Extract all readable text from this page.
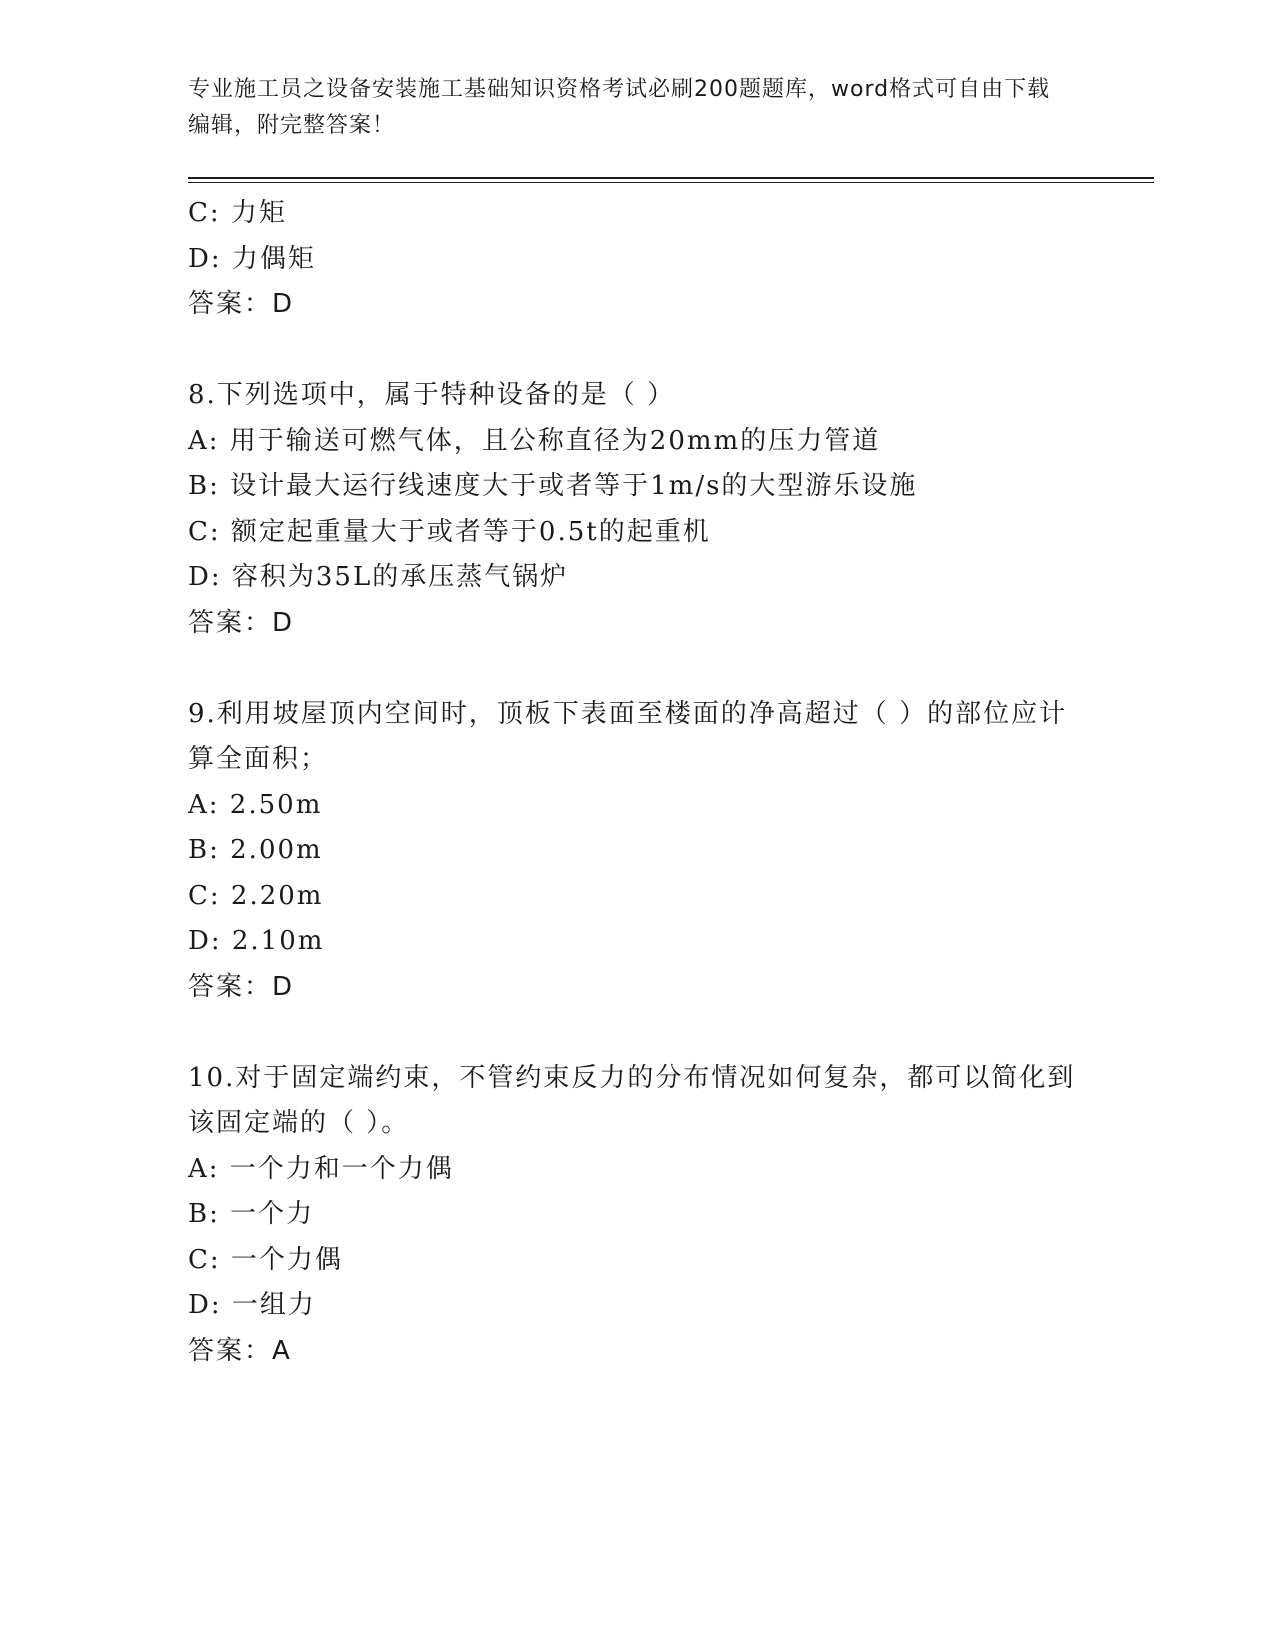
专业施工员之设备安装施工基础知识资格考试必刷200题题库，word格式可自由下载编辑，附完整答案！

C: 力矩

D: 力偶矩

答案：D

8.下列选项中，属于特种设备的是（ ）

A: 用于输送可燃气体，且公称直径为20mm的压力管道

B: 设计最大运行线速度大于或者等于1m/s的大型游乐设施

C: 额定起重量大于或者等于0.5t的起重机

D: 容积为35L的承压蒸气锅炉

答案：D

9.利用坡屋顶内空间时，顶板下表面至楼面的净高超过（ ）的部位应计算全面积；

A: 2.50m

B: 2.00m

C: 2.20m

D: 2.10m

答案：D

10.对于固定端约束，不管约束反力的分布情况如何复杂，都可以简化到该固定端的（ ）。

A: 一个力和一个力偶

B: 一个力

C: 一个力偶

D: 一组力

答案：A
